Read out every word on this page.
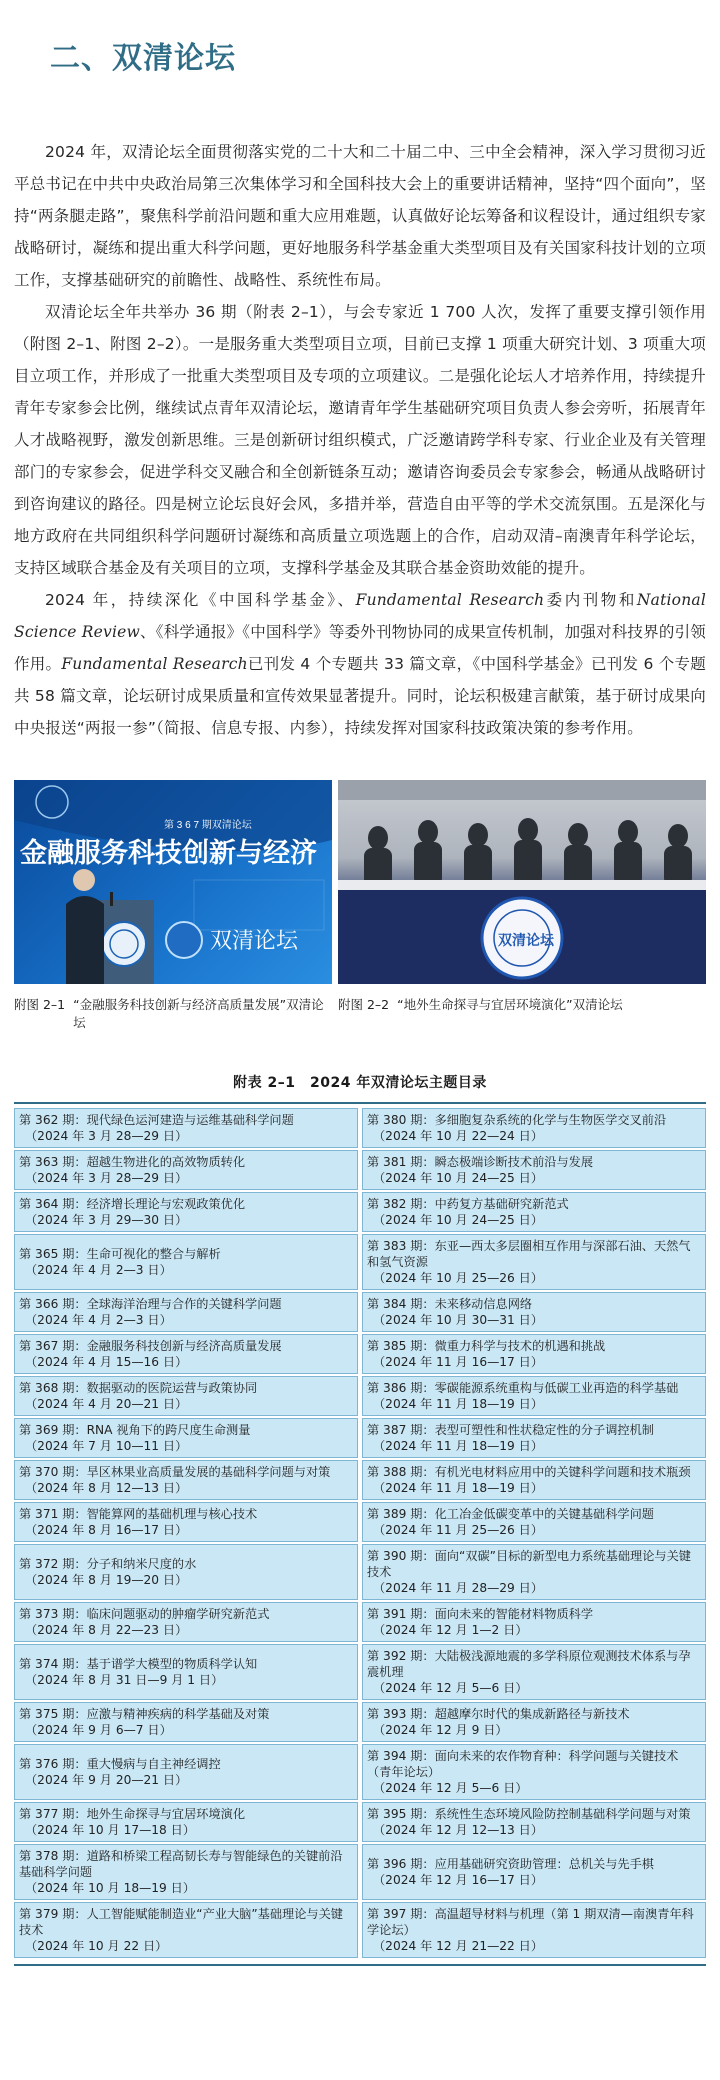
二、双清论坛

2024 年，双清论坛全面贯彻落实党的二十大和二十届二中、三中全会精神，深入学习贯彻习近平总书记在中共中央政治局第三次集体学习和全国科技大会上的重要讲话精神，坚持“四个面向”，坚持“两条腿走路”，聚焦科学前沿问题和重大应用难题，认真做好论坛筹备和议程设计，通过组织专家战略研讨，凝练和提出重大科学问题，更好地服务科学基金重大类型项目及有关国家科技计划的立项工作，支撑基础研究的前瞻性、战略性、系统性布局。

双清论坛全年共举办 36 期（附表 2–1），与会专家近 1 700 人次，发挥了重要支撑引领作用（附图 2–1、附图 2–2）。一是服务重大类型项目立项，目前已支撑 1 项重大研究计划、3 项重大项目立项工作，并形成了一批重大类型项目及专项的立项建议。二是强化论坛人才培养作用，持续提升青年专家参会比例，继续试点青年双清论坛，邀请青年学生基础研究项目负责人参会旁听，拓展青年人才战略视野，激发创新思维。三是创新研讨组织模式，广泛邀请跨学科专家、行业企业及有关管理部门的专家参会，促进学科交叉融合和全创新链条互动；邀请咨询委员会专家参会，畅通从战略研讨到咨询建议的路径。四是树立论坛良好会风，多措并举，营造自由平等的学术交流氛围。五是深化与地方政府在共同组织科学问题研讨凝练和高质量立项选题上的合作，启动双清–南澳青年科学论坛，支持区域联合基金及有关项目的立项，支撑科学基金及其联合基金资助效能的提升。

2024 年，持续深化《中国科学基金》、Fundamental Research委内刊物和National Science Review、《科学通报》《中国科学》等委外刊物协同的成果宣传机制，加强对科技界的引领作用。Fundamental Research已刊发 4 个专题共 33 篇文章，《中国科学基金》已刊发 6 个专题共 58 篇文章，论坛研讨成果质量和宣传效果显著提升。同时，论坛积极建言献策，基于研讨成果向中央报送“两报一参”（简报、信息专报、内参），持续发挥对国家科技政策决策的参考作用。

第 3 6 7 期双清论坛
金融服务科技创新与经济
双清论坛
附图 2–1 “金融服务科技创新与经济高质量发展”双清论坛
双清论坛
附图 2–2 “地外生命探寻与宜居环境演化”双清论坛
附表 2–1　2024 年双清论坛主题目录
第 362 期：现代绿色运河建造与运维基础科学问题
（2024 年 3 月 28—29 日）
第 363 期：超越生物进化的高效物质转化
（2024 年 3 月 28—29 日）
第 364 期：经济增长理论与宏观政策优化
（2024 年 3 月 29—30 日）
第 365 期：生命可视化的整合与解析
（2024 年 4 月 2—3 日）
第 366 期：全球海洋治理与合作的关键科学问题
（2024 年 4 月 2—3 日）
第 367 期：金融服务科技创新与经济高质量发展
（2024 年 4 月 15—16 日）
第 368 期：数据驱动的医院运营与政策协同
（2024 年 4 月 20—21 日）
第 369 期：RNA 视角下的跨尺度生命测量
（2024 年 7 月 10—11 日）
第 370 期：旱区林果业高质量发展的基础科学问题与对策
（2024 年 8 月 12—13 日）
第 371 期：智能算网的基础机理与核心技术
（2024 年 8 月 16—17 日）
第 372 期：分子和纳米尺度的水
（2024 年 8 月 19—20 日）
第 373 期：临床问题驱动的肿瘤学研究新范式
（2024 年 8 月 22—23 日）
第 374 期：基于谱学大模型的物质科学认知
（2024 年 8 月 31 日—9 月 1 日）
第 375 期：应激与精神疾病的科学基础及对策
（2024 年 9 月 6—7 日）
第 376 期：重大慢病与自主神经调控
（2024 年 9 月 20—21 日）
第 377 期：地外生命探寻与宜居环境演化
（2024 年 10 月 17—18 日）
第 378 期：道路和桥梁工程高韧长寿与智能绿色的关键前沿基础科学问题
（2024 年 10 月 18—19 日）
第 379 期：人工智能赋能制造业“产业大脑”基础理论与关键技术
（2024 年 10 月 22 日）
第 380 期：多细胞复杂系统的化学与生物医学交叉前沿
（2024 年 10 月 22—24 日）
第 381 期：瞬态极端诊断技术前沿与发展
（2024 年 10 月 24—25 日）
第 382 期：中药复方基础研究新范式
（2024 年 10 月 24—25 日）
第 383 期：东亚—西太多层圈相互作用与深部石油、天然气和氢气资源
（2024 年 10 月 25—26 日）
第 384 期：未来移动信息网络
（2024 年 10 月 30—31 日）
第 385 期：微重力科学与技术的机遇和挑战
（2024 年 11 月 16—17 日）
第 386 期：零碳能源系统重构与低碳工业再造的科学基础
（2024 年 11 月 18—19 日）
第 387 期：表型可塑性和性状稳定性的分子调控机制
（2024 年 11 月 18—19 日）
第 388 期：有机光电材料应用中的关键科学问题和技术瓶颈
（2024 年 11 月 18—19 日）
第 389 期：化工冶金低碳变革中的关键基础科学问题
（2024 年 11 月 25—26 日）
第 390 期：面向“双碳”目标的新型电力系统基础理论与关键技术
（2024 年 11 月 28—29 日）
第 391 期：面向未来的智能材料物质科学
（2024 年 12 月 1—2 日）
第 392 期：大陆极浅源地震的多学科原位观测技术体系与孕震机理
（2024 年 12 月 5—6 日）
第 393 期：超越摩尔时代的集成新路径与新技术
（2024 年 12 月 9 日）
第 394 期：面向未来的农作物育种：科学问题与关键技术（青年论坛）
（2024 年 12 月 5—6 日）
第 395 期：系统性生态环境风险防控制基础科学问题与对策
（2024 年 12 月 12—13 日）
第 396 期：应用基础研究资助管理：总机关与先手棋
（2024 年 12 月 16—17 日）
第 397 期：高温超导材料与机理（第 1 期双清—南澳青年科学论坛）
（2024 年 12 月 21—22 日）
